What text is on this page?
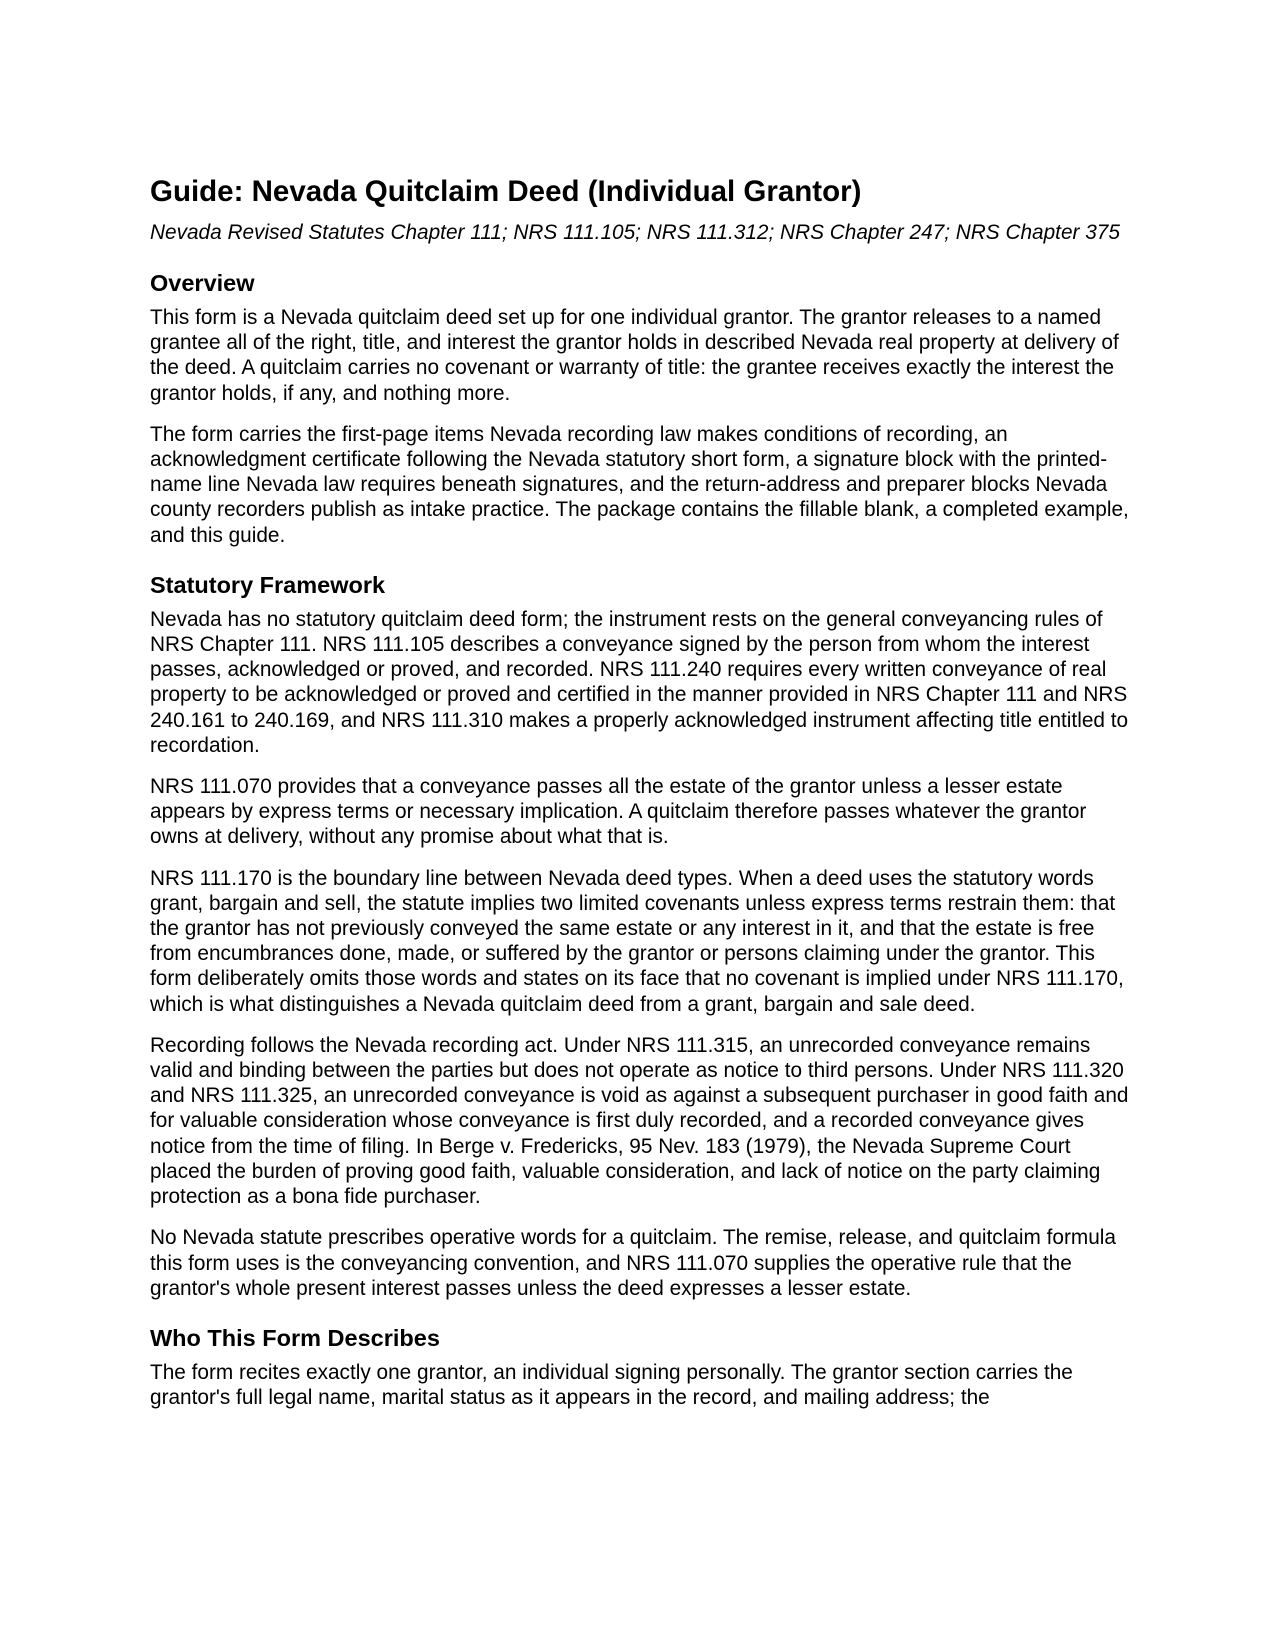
Guide: Nevada Quitclaim Deed (Individual Grantor)
Nevada Revised Statutes Chapter 111; NRS 111.105; NRS 111.312; NRS Chapter 247; NRS Chapter 375
Overview

This form is a Nevada quitclaim deed set up for one individual grantor. The grantor releases to a named grantee all of the right, title, and interest the grantor holds in described Nevada real property at delivery of the deed. A quitclaim carries no covenant or warranty of title: the grantee receives exactly the interest the grantor holds, if any, and nothing more.

The form carries the first-page items Nevada recording law makes conditions of recording, an acknowledgment certificate following the Nevada statutory short form, a signature block with the printed-name line Nevada law requires beneath signatures, and the return-address and preparer blocks Nevada county recorders publish as intake practice. The package contains the fillable blank, a completed example, and this guide.

Statutory Framework

Nevada has no statutory quitclaim deed form; the instrument rests on the general conveyancing rules of NRS Chapter 111. NRS 111.105 describes a conveyance signed by the person from whom the interest passes, acknowledged or proved, and recorded. NRS 111.240 requires every written conveyance of real property to be acknowledged or proved and certified in the manner provided in NRS Chapter 111 and NRS 240.161 to 240.169, and NRS 111.310 makes a properly acknowledged instrument affecting title entitled to recordation.

NRS 111.070 provides that a conveyance passes all the estate of the grantor unless a lesser estate appears by express terms or necessary implication. A quitclaim therefore passes whatever the grantor owns at delivery, without any promise about what that is.

NRS 111.170 is the boundary line between Nevada deed types. When a deed uses the statutory words grant, bargain and sell, the statute implies two limited covenants unless express terms restrain them: that the grantor has not previously conveyed the same estate or any interest in it, and that the estate is free from encumbrances done, made, or suffered by the grantor or persons claiming under the grantor. This form deliberately omits those words and states on its face that no covenant is implied under NRS 111.170, which is what distinguishes a Nevada quitclaim deed from a grant, bargain and sale deed.

Recording follows the Nevada recording act. Under NRS 111.315, an unrecorded conveyance remains valid and binding between the parties but does not operate as notice to third persons. Under NRS 111.320 and NRS 111.325, an unrecorded conveyance is void as against a subsequent purchaser in good faith and for valuable consideration whose conveyance is first duly recorded, and a recorded conveyance gives notice from the time of filing. In Berge v. Fredericks, 95 Nev. 183 (1979), the Nevada Supreme Court placed the burden of proving good faith, valuable consideration, and lack of notice on the party claiming protection as a bona fide purchaser.

No Nevada statute prescribes operative words for a quitclaim. The remise, release, and quitclaim formula this form uses is the conveyancing convention, and NRS 111.070 supplies the operative rule that the grantor's whole present interest passes unless the deed expresses a lesser estate.

Who This Form Describes

The form recites exactly one grantor, an individual signing personally. The grantor section carries the grantor's full legal name, marital status as it appears in the record, and mailing address; the
